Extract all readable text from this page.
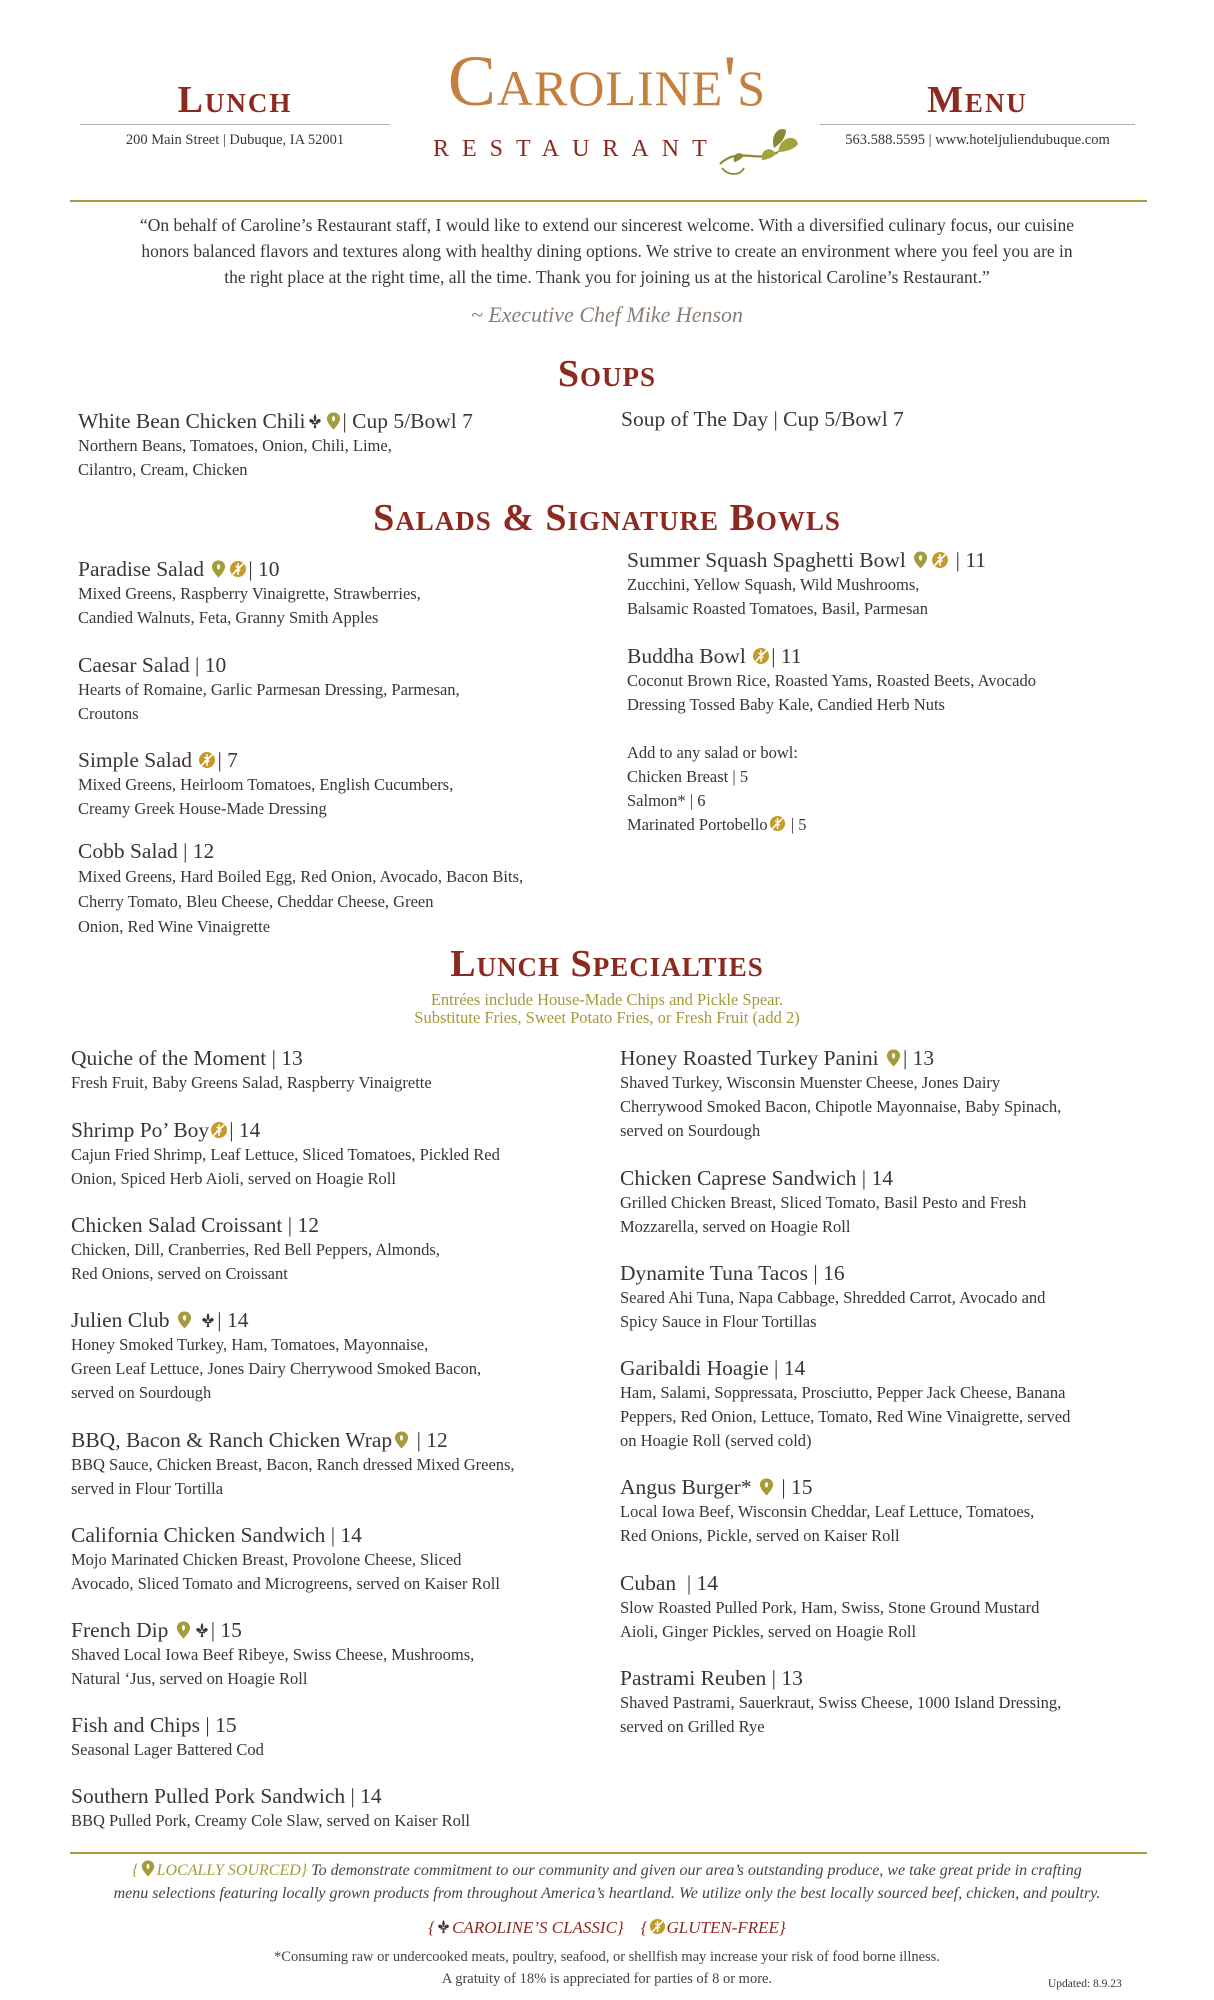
Lunch
200 Main Street | Dubuque, IA 52001
Caroline's
RESTAURANT
Menu
563.588.5595 | www.hoteljuliendubuque.com
“On behalf of Caroline’s Restaurant staff, I would like to extend our sincerest welcome. With a diversified culinary focus, our cuisine
honors balanced flavors and textures along with healthy dining options. We strive to create an environment where you feel you are in
the right place at the right time, all the time. Thank you for joining us at the historical Caroline’s Restaurant.”
~ Executive Chef Mike Henson
Soups
White Bean Chicken Chili | Cup 5/Bowl 7
Northern Beans, Tomatoes, Onion, Chili, Lime,
Cilantro, Cream, Chicken
Soup of The Day | Cup 5/Bowl 7
Salads & Signature Bowls
Paradise Salad | 10
Mixed Greens, Raspberry Vinaigrette, Strawberries,
Candied Walnuts, Feta, Granny Smith Apples
Caesar Salad | 10
Hearts of Romaine, Garlic Parmesan Dressing, Parmesan,
Croutons
Simple Salad | 7
Mixed Greens, Heirloom Tomatoes, English Cucumbers,
Creamy Greek House-Made Dressing
Cobb Salad | 12
Mixed Greens, Hard Boiled Egg, Red Onion, Avocado, Bacon Bits,
Cherry Tomato, Bleu Cheese, Cheddar Cheese, Green
Onion, Red Wine Vinaigrette
Summer Squash Spaghetti Bowl | 11
Zucchini, Yellow Squash, Wild Mushrooms,
Balsamic Roasted Tomatoes, Basil, Parmesan
Buddha Bowl | 11
Coconut Brown Rice, Roasted Yams, Roasted Beets, Avocado
Dressing Tossed Baby Kale, Candied Herb Nuts
Add to any salad or bowl:
Chicken Breast | 5
Salmon* | 6
Marinated Portobello | 5
Lunch Specialties
Entrées include House-Made Chips and Pickle Spear.
Substitute Fries, Sweet Potato Fries, or Fresh Fruit (add 2)
Quiche of the Moment | 13
Fresh Fruit, Baby Greens Salad, Raspberry Vinaigrette
Shrimp Po’ Boy | 14
Cajun Fried Shrimp, Leaf Lettuce, Sliced Tomatoes, Pickled Red
Onion, Spiced Herb Aioli, served on Hoagie Roll
Chicken Salad Croissant | 12
Chicken, Dill, Cranberries, Red Bell Peppers, Almonds,
Red Onions, served on Croissant
Julien Club
| 14
Honey Smoked Turkey, Ham, Tomatoes, Mayonnaise,
Green Leaf Lettuce, Jones Dairy Cherrywood Smoked Bacon,
served on Sourdough
BBQ, Bacon & Ranch Chicken Wrap | 12
BBQ Sauce, Chicken Breast, Bacon, Ranch dressed Mixed Greens,
served in Flour Tortilla
California Chicken Sandwich | 14
Mojo Marinated Chicken Breast, Provolone Cheese, Sliced
Avocado, Sliced Tomato and Microgreens, served on Kaiser Roll
French Dip | 15
Shaved Local Iowa Beef Ribeye, Swiss Cheese, Mushrooms,
Natural ‘Jus, served on Hoagie Roll
Fish and Chips | 15
Seasonal Lager Battered Cod
Southern Pulled Pork Sandwich | 14
BBQ Pulled Pork, Creamy Cole Slaw, served on Kaiser Roll
Honey Roasted Turkey Panini | 13
Shaved Turkey, Wisconsin Muenster Cheese, Jones Dairy
Cherrywood Smoked Bacon, Chipotle Mayonnaise, Baby Spinach,
served on Sourdough
Chicken Caprese Sandwich | 14
Grilled Chicken Breast, Sliced Tomato, Basil Pesto and Fresh
Mozzarella, served on Hoagie Roll
Dynamite Tuna Tacos | 16
Seared Ahi Tuna, Napa Cabbage, Shredded Carrot, Avocado and
Spicy Sauce in Flour Tortillas
Garibaldi Hoagie | 14
Ham, Salami, Soppressata, Prosciutto, Pepper Jack Cheese, Banana
Peppers, Red Onion, Lettuce, Tomato, Red Wine Vinaigrette, served
on Hoagie Roll (served cold)
Angus Burger* | 15
Local Iowa Beef, Wisconsin Cheddar, Leaf Lettuce, Tomatoes,
Red Onions, Pickle, served on Kaiser Roll
Cuban  | 14
Slow Roasted Pulled Pork, Ham, Swiss, Stone Ground Mustard
Aioli, Ginger Pickles, served on Hoagie Roll
Pastrami Reuben | 13
Shaved Pastrami, Sauerkraut, Swiss Cheese, 1000 Island Dressing,
served on Grilled Rye
{ LOCALLY SOURCED} To demonstrate commitment to our community and given our area’s outstanding produce, we take great pride in crafting
menu selections featuring locally grown products from throughout America’s heartland. We utilize only the best locally sourced beef, chicken, and poultry.
{ CAROLINE’S CLASSIC} { GLUTEN-FREE}
*Consuming raw or undercooked meats, poultry, seafood, or shellfish may increase your risk of food borne illness.
A gratuity of 18% is appreciated for parties of 8 or more.	Updated: 8.9.23
